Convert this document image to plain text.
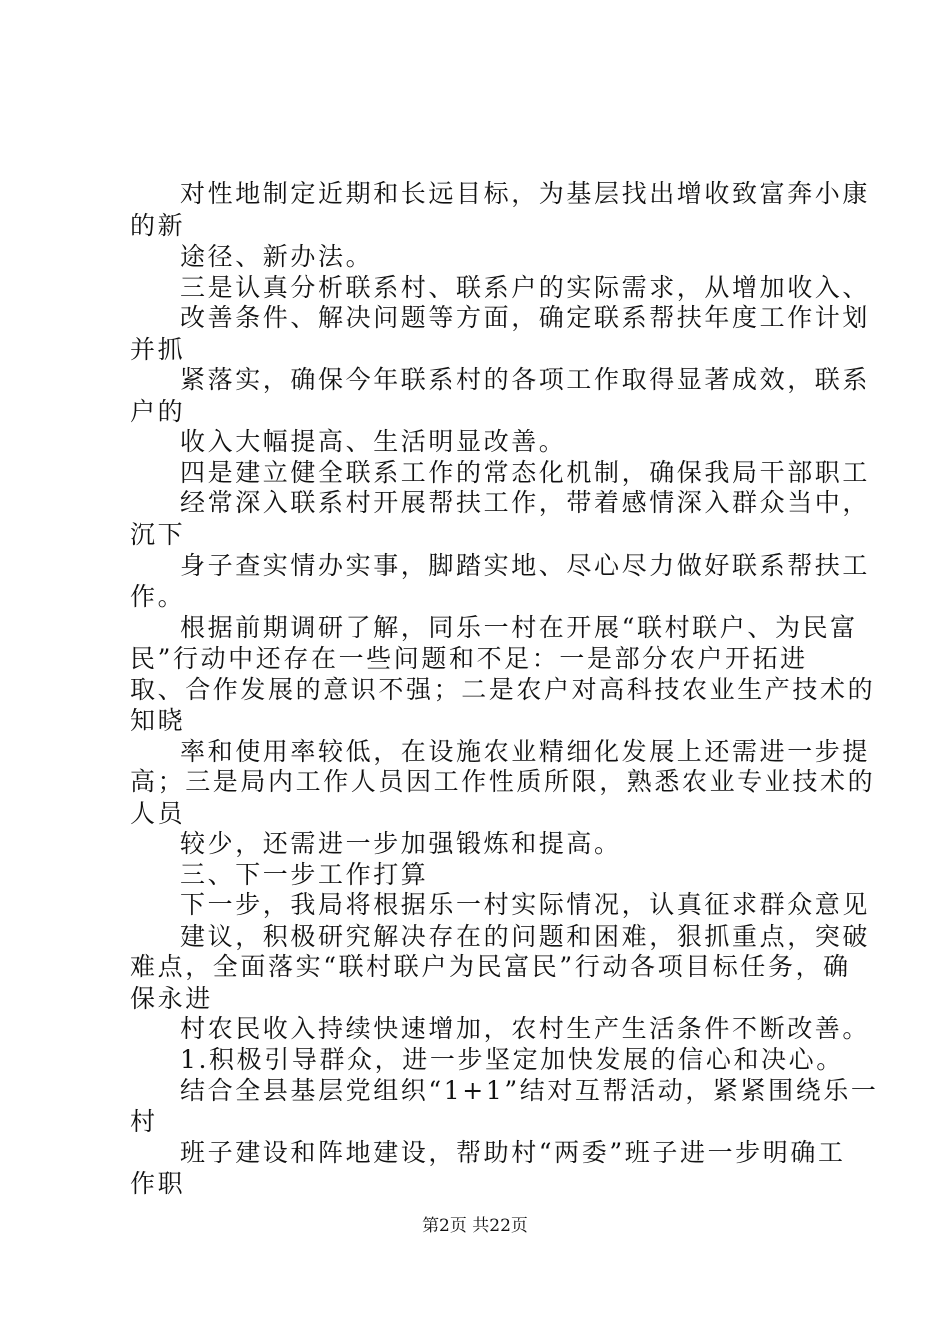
对性地制定近期和长远目标，为基层找出增收致富奔小康
的新
途径、新办法。
三是认真分析联系村、联系户的实际需求，从增加收入、
改善条件、解决问题等方面，确定联系帮扶年度工作计划
并抓
紧落实，确保今年联系村的各项工作取得显著成效，联系
户的
收入大幅提高、生活明显改善。
四是建立健全联系工作的常态化机制，确保我局干部职工
经常深入联系村开展帮扶工作，带着感情深入群众当中，
沉下
身子查实情办实事，脚踏实地、尽心尽力做好联系帮扶工
作。
根据前期调研了解，同乐一村在开展“联村联户、为民富
民”行动中还存在一些问题和不足：一是部分农户开拓进
取、合作发展的意识不强；二是农户对高科技农业生产技术的
知晓
率和使用率较低，在设施农业精细化发展上还需进一步提
高；三是局内工作人员因工作性质所限，熟悉农业专业技术的
人员
较少，还需进一步加强锻炼和提高。
三、下一步工作打算
下一步，我局将根据乐一村实际情况，认真征求群众意见
建议，积极研究解决存在的问题和困难，狠抓重点，突破
难点，全面落实“联村联户为民富民”行动各项目标任务，确
保永进
村农民收入持续快速增加，农村生产生活条件不断改善。
1.积极引导群众，进一步坚定加快发展的信心和决心。
结合全县基层党组织“1+1”结对互帮活动，紧紧围绕乐一
村
班子建设和阵地建设，帮助村“两委”班子进一步明确工
作职
第2页 共22页
